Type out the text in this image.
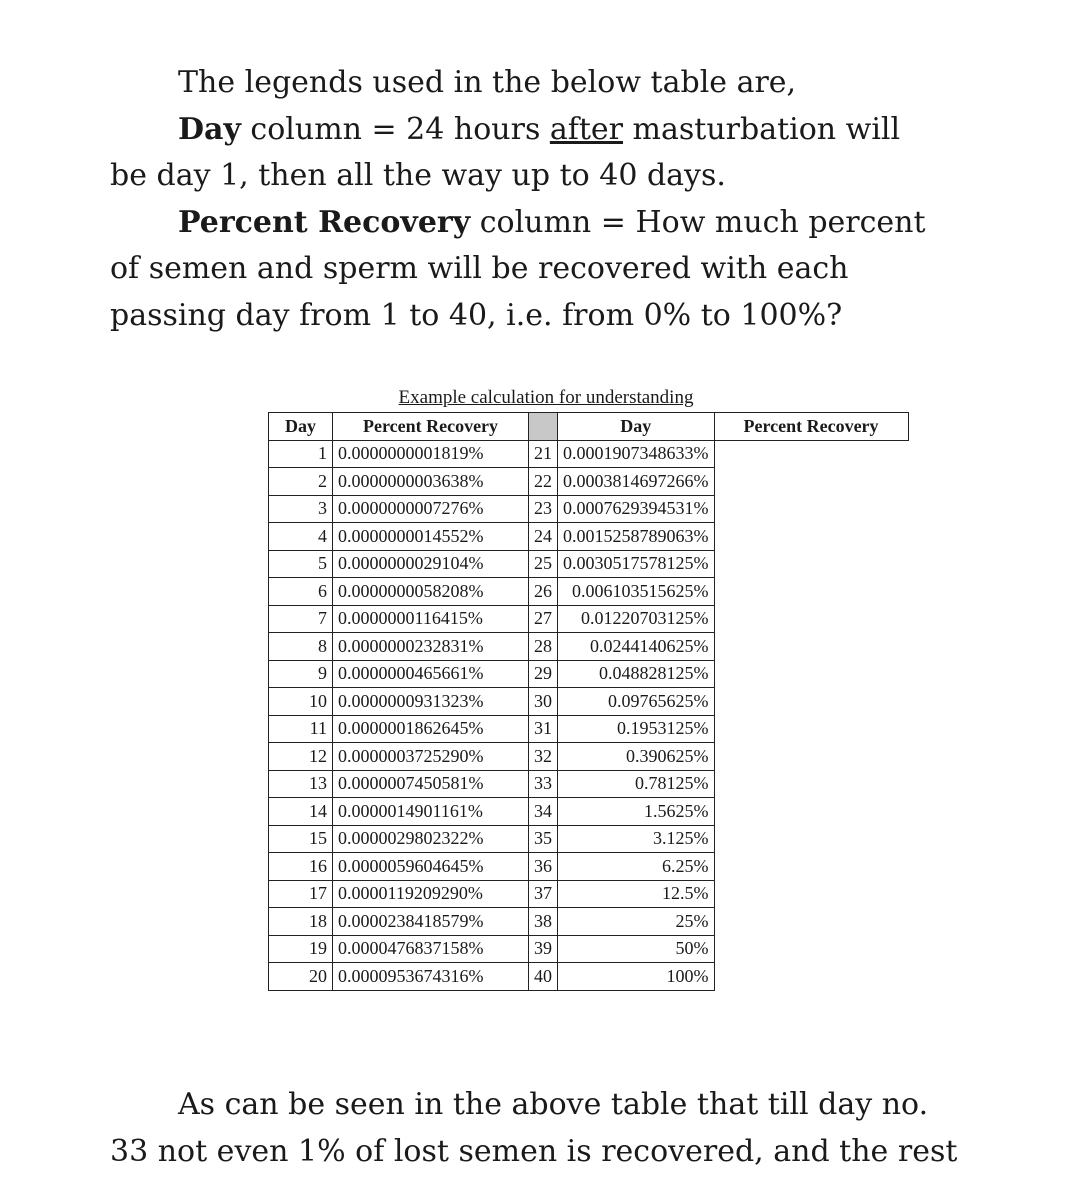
The legends used in the below table are,
Day column = 24 hours after masturbation will
be day 1, then all the way up to 40 days.
Percent Recovery column = How much percent
of semen and sperm will be recovered with each
passing day from 1 to 40, i.e. from 0% to 100%?
Example calculation for understanding
Day	Percent Recovery		Day	Percent Recovery
1	0.0000000001819%	21	0.0001907348633%	
2	0.0000000003638%	22	0.0003814697266%	
3	0.0000000007276%	23	0.0007629394531%	
4	0.0000000014552%	24	0.0015258789063%	
5	0.0000000029104%	25	0.0030517578125%	
6	0.0000000058208%	26	0.006103515625%	
7	0.0000000116415%	27	0.01220703125%	
8	0.0000000232831%	28	0.0244140625%	
9	0.0000000465661%	29	0.048828125%	
10	0.0000000931323%	30	0.09765625%	
11	0.0000001862645%	31	0.1953125%	
12	0.0000003725290%	32	0.390625%	
13	0.0000007450581%	33	0.78125%	
14	0.0000014901161%	34	1.5625%	
15	0.0000029802322%	35	3.125%	
16	0.0000059604645%	36	6.25%	
17	0.0000119209290%	37	12.5%	
18	0.0000238418579%	38	25%	
19	0.0000476837158%	39	50%	
20	0.0000953674316%	40	100%	
As can be seen in the above table that till day no.
33 not even 1% of lost semen is recovered, and the rest
